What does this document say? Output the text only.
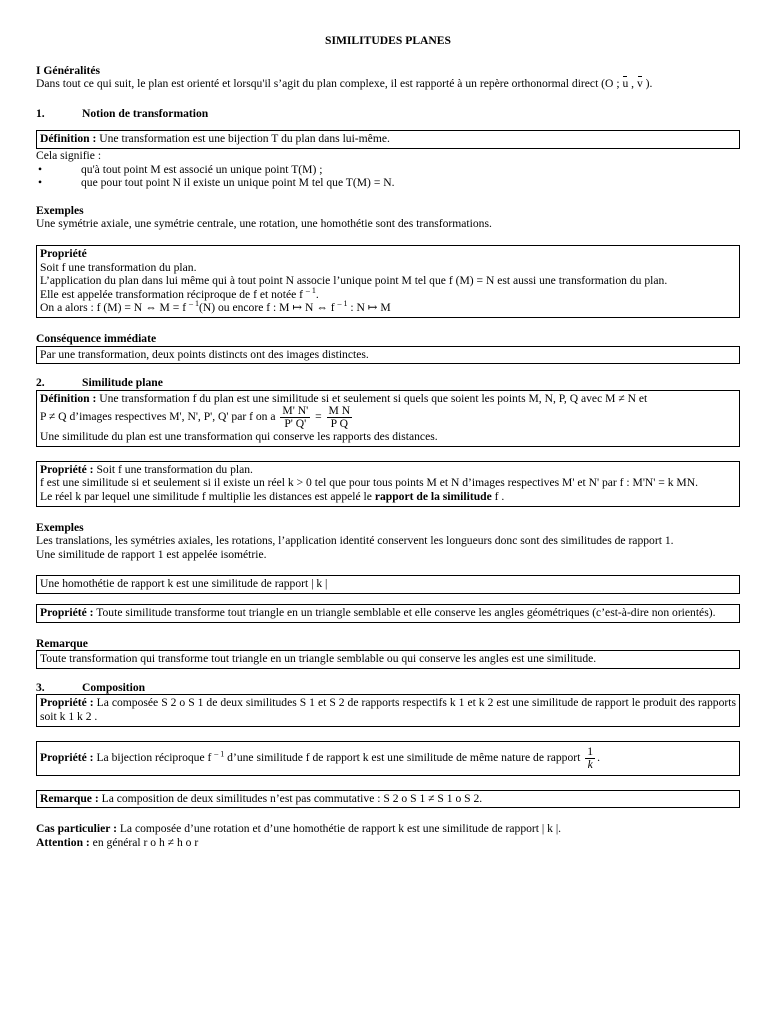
SIMILITUDES PLANES
I Généralités
Dans tout ce qui suit, le plan est orienté et lorsqu'il s’agit du plan complexe, il est rapporté à un repère orthonormal direct (O ; u , v ).
1.	Notion de transformation
Définition : Une transformation est une bijection T du plan dans lui-même.
Cela signifie :
• qu'à tout point M est associé un unique point T(M) ;
• que pour tout point N il existe un unique point M tel que T(M) = N.
Exemples
Une symétrie axiale, une symétrie centrale, une rotation, une homothétie sont des transformations.
Propriété
Soit f une transformation du plan.
L’application du plan dans lui même qui à tout point N associe l’unique point M tel que f (M) = N est aussi une transformation du plan.
Elle est appelée transformation réciproque de f et notée f $^{- 1}$.
On a alors : f (M) = N ⇔ M = f $^{- 1}$(N) ou encore f : M ↦ N ⇔ f $^{- 1}$ : N ↦ M
Conséquence immédiate
Par une transformation, deux points distincts ont des images distinctes.
2.	Similitude plane
Définition : Une transformation f du plan est une similitude si et seulement si quels que soient les points M, N, P, Q avec M ≠ N et
P ≠ Q d’images respectives M', N', P', Q' par f on a $\frac{M' N'}{P' Q'} = \frac{\text{M N}}{\text{P Q}}$
Une similitude du plan est une transformation qui conserve les rapports des distances.
Propriété : Soit f une transformation du plan.
f est une similitude si et seulement si il existe un réel k > 0 tel que pour tous points M et N d’images respectives M' et N' par f : M'N' = k MN.
Le réel k par lequel une similitude f multiplie les distances est appelé le rapport de la similitude f .
Exemples
Les translations, les symétries axiales, les rotations, l’application identité conservent les longueurs donc sont des similitudes de rapport 1.
Une similitude de rapport 1 est appelée isométrie.
Une homothétie de rapport k est une similitude de rapport | k |
Propriété : Toute similitude transforme tout triangle en un triangle semblable et elle conserve les angles géométriques (c’est-à-dire non orientés).
Remarque
Toute transformation qui transforme tout triangle en un triangle semblable ou qui conserve les angles est une similitude.
3.	Composition
Propriété : La composée S 2 o S 1 de deux similitudes S 1 et S 2 de rapports respectifs k 1 et k 2 est une similitude de rapport le produit des rapports soit k 1 k 2 .
Propriété : La bijection réciproque f $^{- 1}$ d’une similitude f de rapport k est une similitude de même nature de rapport $\frac{1}{k}$ .
Remarque : La composition de deux similitudes n’est pas commutative : S 2 o S 1 ≠ S 1 o S 2.
Cas particulier : La composée d’une rotation et d’une homothétie de rapport k est une similitude de rapport | k |.
Attention : en général r o h ≠ h o r
